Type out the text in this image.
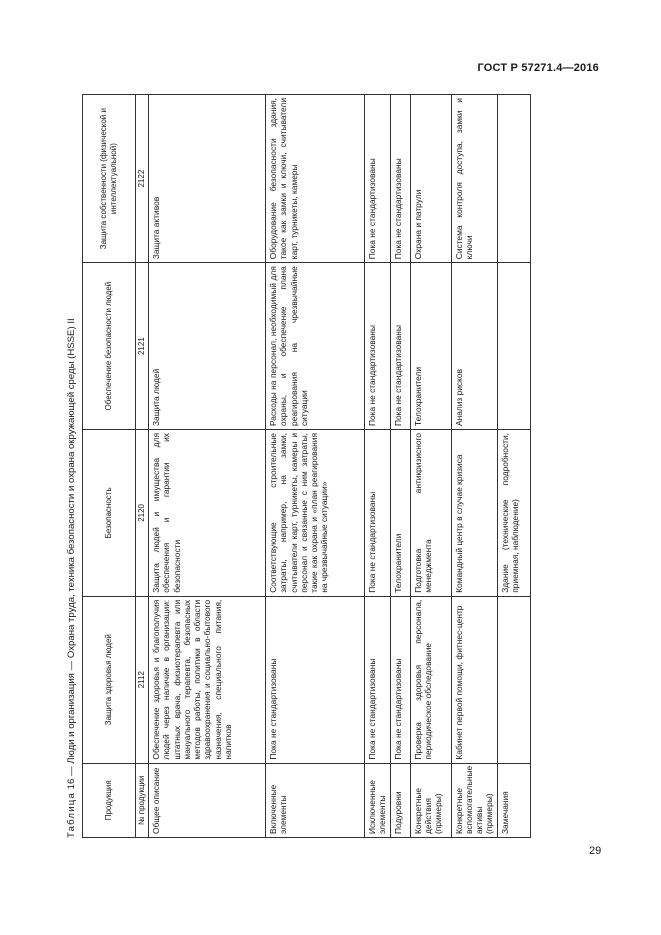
ГОСТ Р 57271.4—2016
Таблица 16 — Люди и организация — Охрана труда, техника безопасности и охрана окружающей среды (HSSE) II
Продукция	Защита здоровья людей	Безопасность	Обеспечение безопасности людей	Защита собственности (физической и интеллектуальной)
№ продукции	2112	2120	2121	2122
Общее описание	Обеспечение здоровья и благополучия людей через наличие в организации: штатных врача, физиотерапевта или мануального терапевта, безопасных методов работы, политики в области здравоохранения и социально-бытового назначения, специального питания, напитков	Защита людей и имущества для обеспечения и гарантии их безопасности	Защита людей	Защита активов
Включенные элементы	Пока не стандартизованы	Соответствующие строительные затраты, например, на замки, считыватели карт, турникеты, камеры и персонал и связанные с ним затраты, такие как охрана и «план реагирования на чрезвычайные ситуации»	Расходы на персонал, необходимый для охраны, и обеспечение плана реагирования на чрезвычайные ситуации	Оборудование безопасности здания, такое как замки и ключи, считыватели карт, турникеты, камеры
Исключенные элементы	Пока не стандартизованы	Пока не стандартизованы	Пока не стандартизованы	Пока не стандартизованы
Подуровни	Пока не стандартизованы	Телохранители	Пока не стандартизованы	Пока не стандартизованы
Конкретные действия (примеры)	Проверка здоровья персонала, периодическое обследование	Подготовка антикризисного менеджмента	Телохранители	Охрана и патрули
Конкретные вспомогательные активы (примеры)	Кабинет первой помощи, фитнес-центр	Командный центр в случае кризиса	Анализ рисков	Система контроля доступа, замки и ключи
Замечания		Здание (технические подробности, приемная, наблюдение)		
29
